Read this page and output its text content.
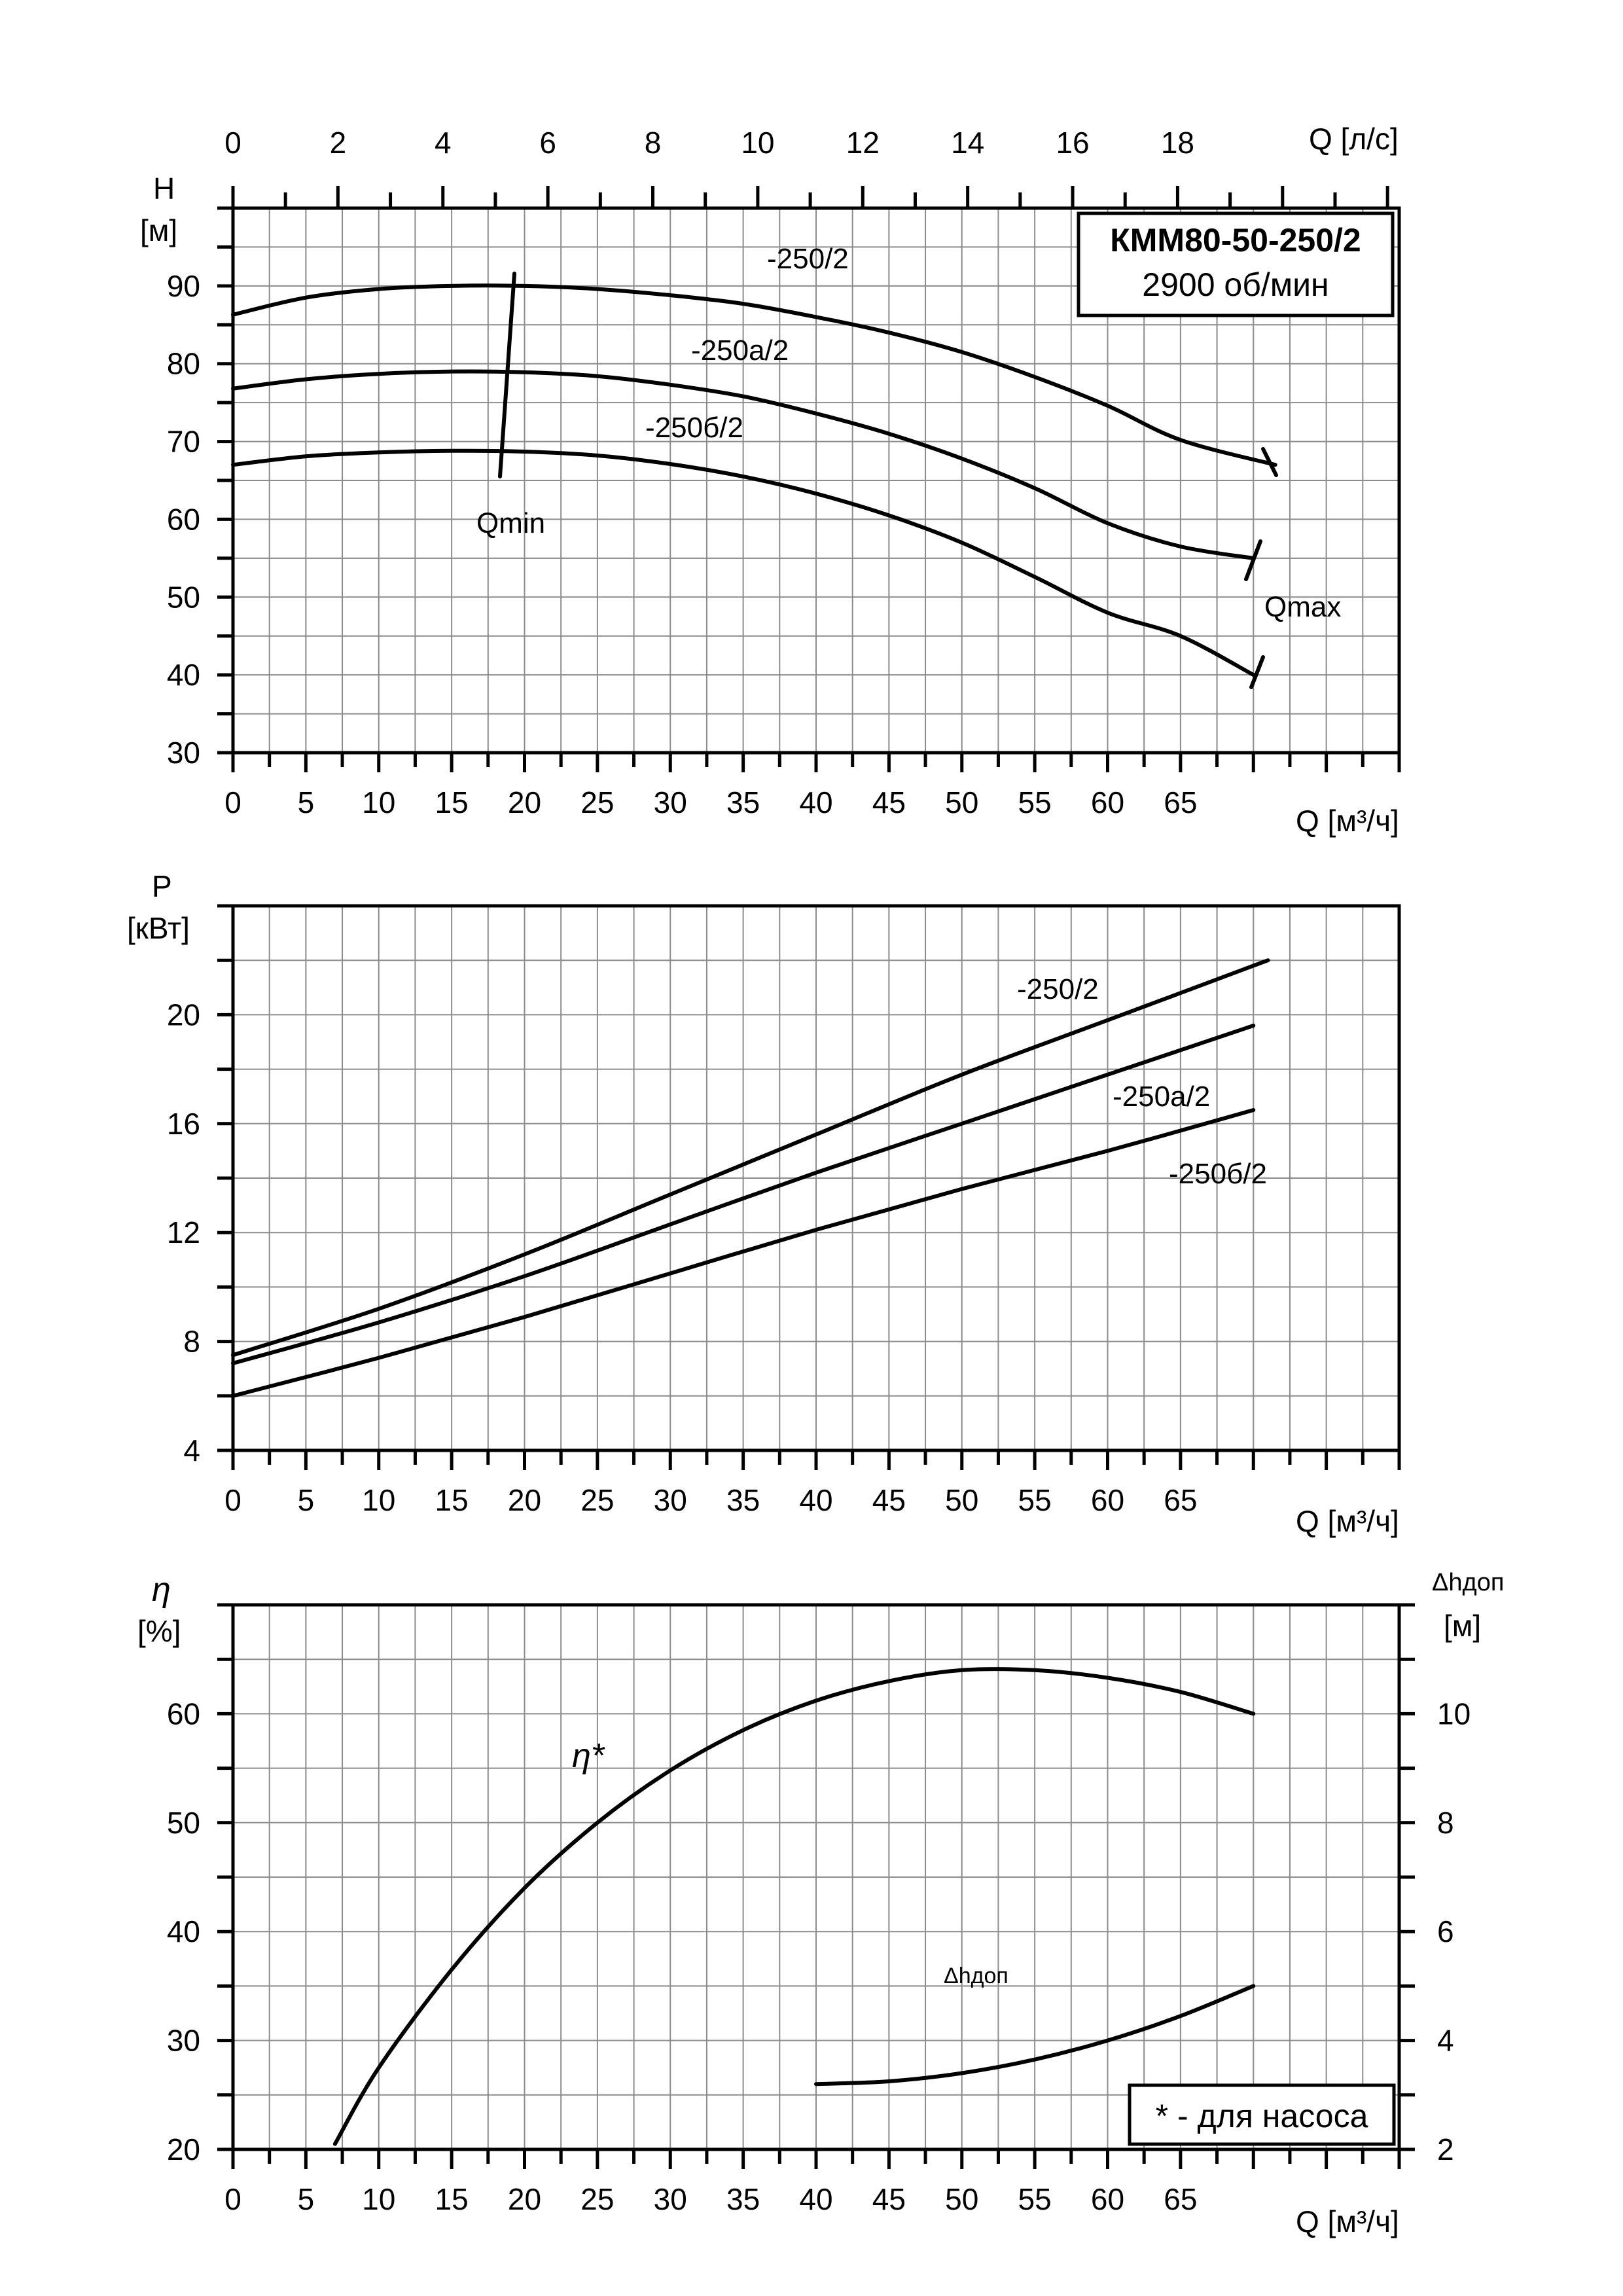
0 5 10 15 20 25 30 35 40 45 50 55 60 65
30
40
50
60
70
80
90
0	2	4	6	8	10 12 14 16 18
H
[м]
Q [м³/ч]
Q [л/с]
-250/2
-250а/2
-250б/2
Qmin
Qmax
КММ80-50-250/2
2900 об/мин
0 5 10 15 20 25 30 35 40 45 50 55 60 65
4
8
12
16
20
P
[кВт]
Q [м³/ч]
-250/2
-250а/2
-250б/2
0 5 10 15 20 25 30 35 40 45 50 55 60 65
20
30
40
50
60
2
4
6
8
10
η
[%]
Δhдоп
[м]
Q [м³/ч]
η*
Δhдоп
* - для насоса
